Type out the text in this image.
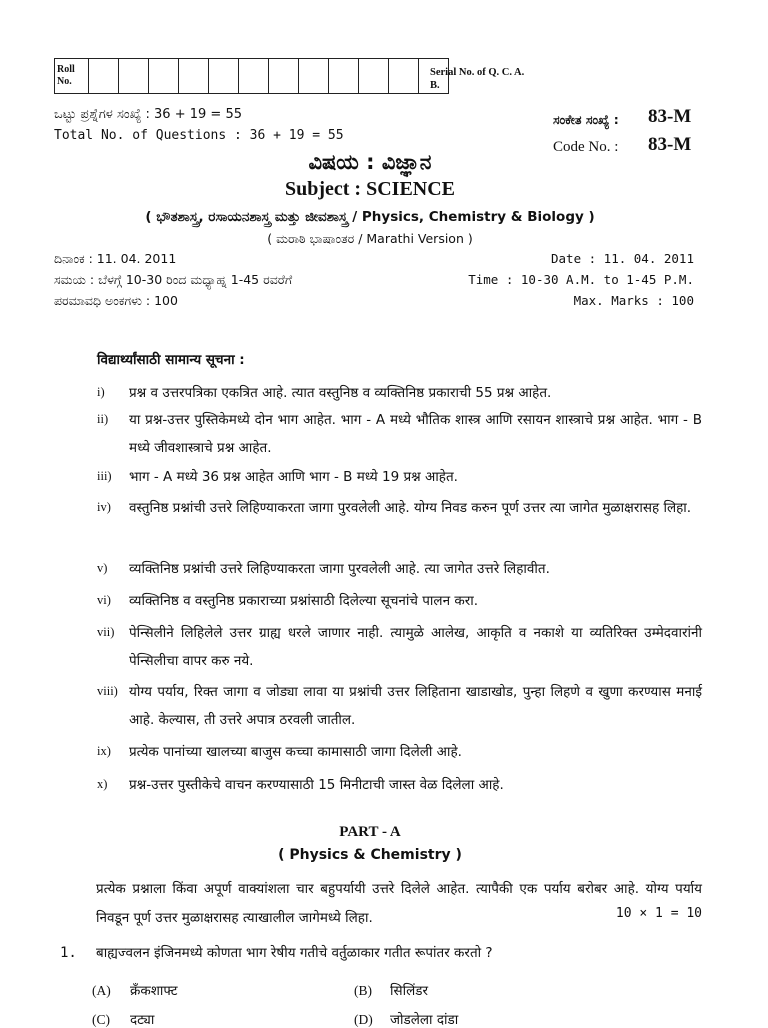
Roll No.												
Serial No. of Q. C. A. B.
ಒಟ್ಟು ಪ್ರಶ್ನೆಗಳ ಸಂಖ್ಯೆ : 36 + 19 = 55
Total No. of Questions : 36 + 19 = 55
ಸಂಕೇತ ಸಂಖ್ಯೆ : 83-M
Code No. : 83-M
ವಿಷಯ : ವಿಜ್ಞಾನ
Subject : SCIENCE
( ಭೌತಶಾಸ್ತ್ರ, ರಸಾಯನಶಾಸ್ತ್ರ ಮತ್ತು ಜೀವಶಾಸ್ತ್ರ / Physics, Chemistry & Biology )
( ಮರಾಠಿ ಭಾಷಾಂತರ / Marathi Version )
ದಿನಾಂಕ : 11. 04. 2011	Date : 11. 04. 2011
ಸಮಯ : ಬೆಳಗ್ಗೆ 10-30 ರಿಂದ ಮಧ್ಯಾಹ್ನ 1-45 ರವರೆಗೆ	Time : 10-30 A.M. to 1-45 P.M.
ಪರಮಾವಧಿ ಅಂಕಗಳು : 100	Max. Marks : 100
विद्यार्थ्यांसाठी सामान्य सूचना :
i) प्रश्न व उत्तरपत्रिका एकत्रित आहे. त्यात वस्तुनिष्ठ व व्यक्तिनिष्ठ प्रकाराची 55 प्रश्न आहेत.
ii) या प्रश्न-उत्तर पुस्तिकेमध्ये दोन भाग आहेत. भाग - A मध्ये भौतिक शास्त्र आणि रसायन शास्त्राचे प्रश्न आहेत. भाग - B मध्ये जीवशास्त्राचे प्रश्न आहेत.
iii) भाग - A मध्ये 36 प्रश्न आहेत आणि भाग - B मध्ये 19 प्रश्न आहेत.
iv) वस्तुनिष्ठ प्रश्नांची उत्तरे लिहिण्याकरता जागा पुरवलेली आहे. योग्य निवड करुन पूर्ण उत्तर त्या जागेत मुळाक्षरासह लिहा.
v) व्यक्तिनिष्ठ प्रश्नांची उत्तरे लिहिण्याकरता जागा पुरवलेली आहे. त्या जागेत उत्तरे लिहावीत.
vi) व्यक्तिनिष्ठ व वस्तुनिष्ठ प्रकाराच्या प्रश्नांसाठी दिलेल्या सूचनांचे पालन करा.
vii) पेन्सिलीने लिहिलेले उत्तर ग्राह्य धरले जाणार नाही. त्यामुळे आलेख, आकृति व नकाशे या व्यतिरिक्त उम्मेदवारांनी पेन्सिलीचा वापर करु नये.
viii) योग्य पर्याय, रिक्त जागा व जोड्या लावा या प्रश्नांची उत्तर लिहिताना खाडाखोड, पुन्हा लिहणे व खुणा करण्यास मनाई आहे. केल्यास, ती उत्तरे अपात्र ठरवली जातील.
ix) प्रत्येक पानांच्या खालच्या बाजुस कच्चा कामासाठी जागा दिलेली आहे.
x) प्रश्न-उत्तर पुस्तीकेचे वाचन करण्यासाठी 15 मिनीटाची जास्त वेळ दिलेला आहे.
PART - A
( Physics & Chemistry )
प्रत्येक प्रश्नाला किंवा अपूर्ण वाक्यांशला चार बहुपर्यायी उत्तरे दिलेले आहेत. त्यापैकी एक पर्याय बरोबर आहे. योग्य पर्याय निवडून पूर्ण उत्तर मुळाक्षरासह त्याखालील जागेमध्ये लिहा.	10 × 1 = 10
1. बाह्यज्वलन इंजिनमध्ये कोणता भाग रेषीय गतीचे वर्तुळाकार गतीत रूपांतर करतो ?
(A) क्रँकशाफ्ट	(B) सिलिंडर
(C) दट्या	(D) जोडलेला दांडा
